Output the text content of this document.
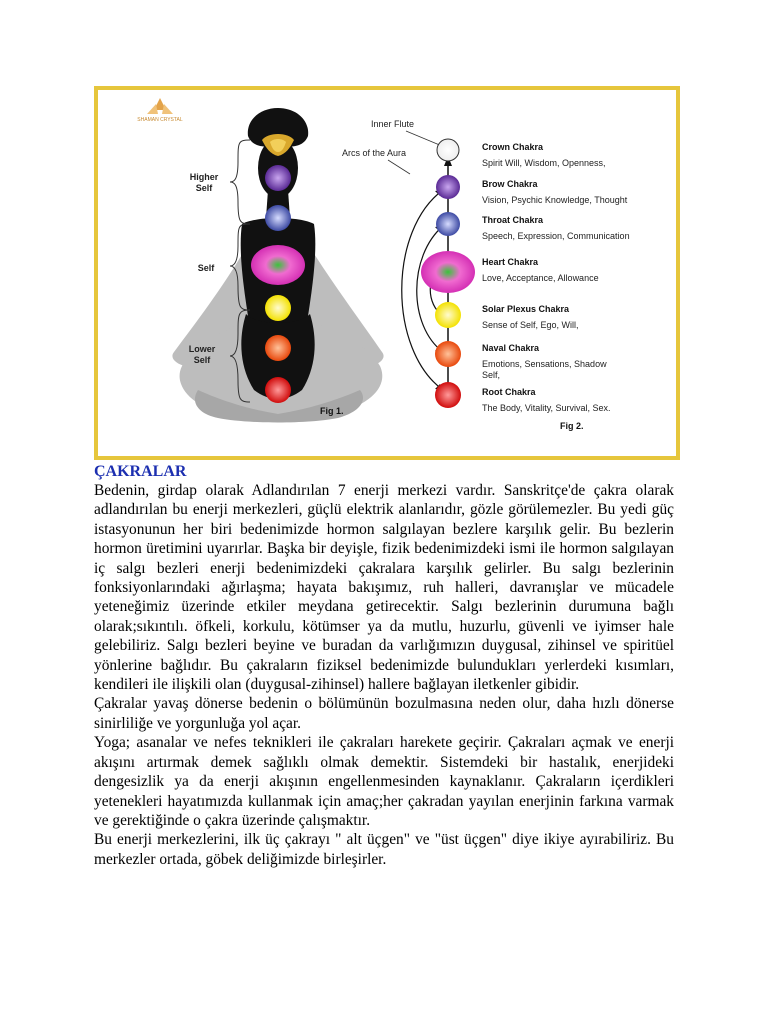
SHAMAN CRYSTAL
Higher
Self
Self
Lower
Self
Fig 1.
Inner Flute
Arcs of the Aura
Crown Chakra
Spirit Will, Wisdom, Openness,
Brow Chakra
Vision, Psychic Knowledge, Thought
Throat Chakra
Speech, Expression, Communication
Heart Chakra
Love, Acceptance, Allowance
Solar Plexus Chakra
Sense of Self, Ego, Will,
Naval Chakra
Emotions, Sensations, Shadow
Self,
Root Chakra
The Body, Vitality, Survival, Sex.
Fig 2.
ÇAKRALAR

Bedenin, girdap olarak Adlandırılan 7 enerji merkezi vardır. Sanskritçe'de çakra olarak adlandırılan bu enerji merkezleri, güçlü elektrik alanlarıdır, gözle görülemezler. Bu yedi güç istasyonunun her biri bedenimizde hormon salgılayan bezlere karşılık gelir. Bu bezlerin hormon üretimini uyarırlar. Başka bir deyişle, fizik bedenimizdeki ismi ile hormon salgılayan iç salgı bezleri enerji bedenimizdeki çakralara karşılık gelirler. Bu salgı bezlerinin fonksiyonlarındaki ağırlaşma; hayata bakışımız, ruh halleri, davranışlar ve mücadele yeteneğimiz üzerinde etkiler meydana getirecektir. Salgı bezlerinin durumuna bağlı olarak;sıkıntılı. öfkeli, korkulu, kötümser ya da mutlu, huzurlu, güvenli ve iyimser hale gelebiliriz. Salgı bezleri beyine ve buradan da varlığımızın duygusal, zihinsel ve spiritüel yönlerine bağlıdır. Bu çakraların fiziksel bedenimizde bulundukları yerlerdeki kısımları, kendileri ile ilişkili olan (duygusal-zihinsel) hallere bağlayan iletkenler gibidir.

Çakralar yavaş dönerse bedenin o bölümünün bozulmasına neden olur, daha hızlı dönerse sinirliliğe ve yorgunluğa yol açar.

Yoga; asanalar ve nefes teknikleri ile çakraları harekete geçirir. Çakraları açmak ve enerji akışını artırmak demek sağlıklı olmak demektir. Sistemdeki bir hastalık, enerjideki dengesizlik ya da enerji akışının engellenmesinden kaynaklanır. Çakraların içerdikleri yetenekleri hayatımızda kullanmak için amaç;her çakradan yayılan enerjinin farkına varmak ve gerektiğinde o çakra üzerinde çalışmaktır.

Bu enerji merkezlerini, ilk üç çakrayı " alt üçgen" ve "üst üçgen" diye ikiye ayırabiliriz. Bu merkezler ortada, göbek deliğimizde birleşirler.
